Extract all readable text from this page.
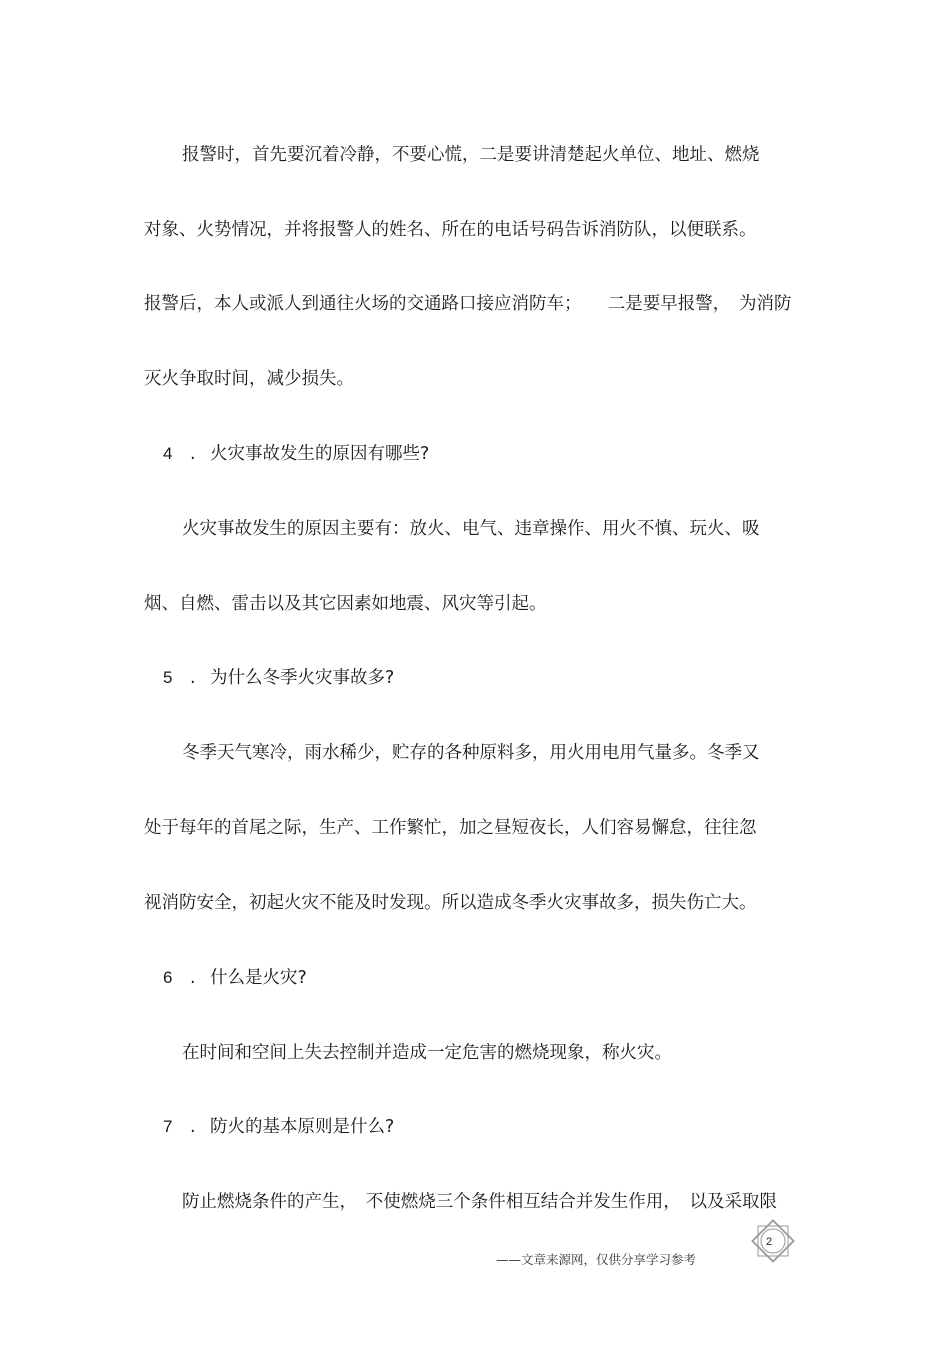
报警时，首先要沉着冷静，不要心慌，二是要讲清楚起火单位、地址、燃烧
对象、火势情况，并将报警人的姓名、所在的电话号码告诉消防队，以便联系。
报警后，本人或派人到通往火场的交通路口接应消防车；　　二是要早报警，　为消防
灭火争取时间，减少损失。

4

.

火灾事故发生的原因有哪些?

火灾事故发生的原因主要有：放火、电气、违章操作、用火不慎、玩火、吸
烟、自燃、雷击以及其它因素如地震、风灾等引起。

5

.

为什么冬季火灾事故多?

冬季天气寒冷，雨水稀少，贮存的各种原料多，用火用电用气量多。冬季又
处于每年的首尾之际，生产、工作繁忙，加之昼短夜长，人们容易懈怠，往往忽
视消防安全，初起火灾不能及时发现。所以造成冬季火灾事故多，损失伤亡大。

6

.

什么是火灾?

在时间和空间上失去控制并造成一定危害的燃烧现象，称火灾。

7

.

防火的基本原则是什么?

防止燃烧条件的产生，　不使燃烧三个条件相互结合并发生作用，　以及采取限
2
——文章来源网，仅供分享学习参考
